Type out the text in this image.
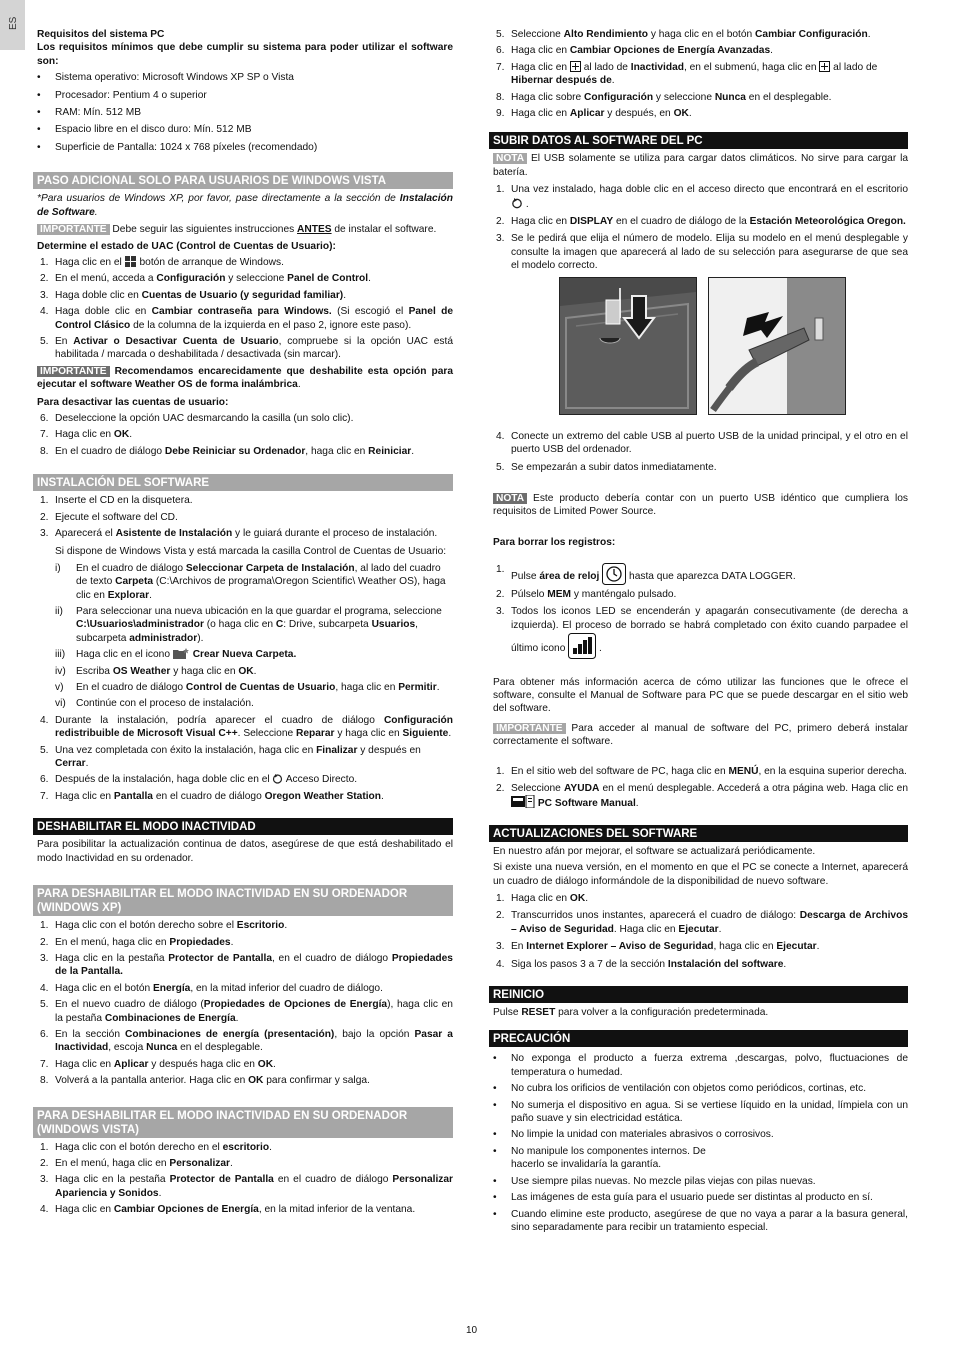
ES

Requisitos del sistema PC

Los requisitos mínimos que debe cumplir su sistema para poder utilizar el software son:

• Sistema operativo: Microsoft Windows XP SP o Vista
• Procesador: Pentium 4 o superior
• RAM: Mín. 512 MB
• Espacio libre en el disco duro: Mín. 512 MB
• Superficie de Pantalla: 1024 x 768 píxeles (recomendado)
PASO ADICIONAL SOLO PARA USUARIOS DE WINDOWS VISTA

*Para usuarios de Windows XP, por favor, pase directamente a la sección de Instalación de Software.

IMPORTANTE Debe seguir las siguientes instrucciones ANTES de instalar el software.

Determine el estado de UAC (Control de Cuentas de Usuario):

1. Haga clic en el  botón de arranque de Windows.
2. En el menú, acceda a Configuración y seleccione Panel de Control.
3. Haga doble clic en Cuentas de Usuario (y seguridad familiar).
4. Haga doble clic en Cambiar contraseña para Windows. (Si escogió el Panel de Control Clásico de la columna de la izquierda en el paso 2, ignore este paso).
5. En Activar o Desactivar Cuenta de Usuario, compruebe si la opción UAC está habilitada / marcada o deshabilitada / desactivada (sin marcar).

IMPORTANTE Recomendamos encarecidamente que deshabilite esta opción para ejecutar el software Weather OS de forma inalámbrica.

Para desactivar las cuentas de usuario:

6. Deseleccione la opción UAC desmarcando la casilla (un solo clic).
7. Haga clic en OK.
8. En el cuadro de diálogo Debe Reiniciar su Ordenador, haga clic en Reiniciar.
INSTALACIÓN DEL SOFTWARE
1. Inserte el CD en la disquetera.
2. Ejecute el software del CD.
3. Aparecerá el Asistente de Instalación y le guiará durante el proceso de instalación.

Si dispone de Windows Vista y está marcada la casilla Control de Cuentas de Usuario:

i) En el cuadro de diálogo Seleccionar Carpeta de Instalación, al lado del cuadro de texto Carpeta (C:\Archivos de programa\Oregon Scientific\ Weather OS), haga clic en Explorar.
ii) Para seleccionar una nueva ubicación en la que guardar el programa, seleccione C:\Usuarios\administrador (o haga clic en C: Drive, subcarpeta Usuarios, subcarpeta administrador).
iii) Haga clic en el icono  Crear Nueva Carpeta.
iv) Escriba OS Weather y haga clic en OK.
v) En el cuadro de diálogo Control de Cuentas de Usuario, haga clic en Permitir.
vi) Continúe con el proceso de instalación.
4. Durante la instalación, podría aparecer el cuadro de diálogo Configuración redistribuible de Microsoft Visual C++. Seleccione Reparar y haga clic en Siguiente.
5. Una vez completada con éxito la instalación, haga clic en Finalizar y después en Cerrar.
6. Después de la instalación, haga doble clic en el  Acceso Directo.
7. Haga clic en Pantalla en el cuadro de diálogo Oregon Weather Station.
DESHABILITAR EL MODO INACTIVIDAD

Para posibilitar la actualización continua de datos, asegúrese de que está deshabilitado el modo Inactividad en su ordenador.

PARA DESHABILITAR EL MODO INACTIVIDAD EN SU ORDENADOR (WINDOWS XP)
1. Haga clic con el botón derecho sobre el Escritorio.
2. En el menú, haga clic en Propiedades.
3. Haga clic en la pestaña Protector de Pantalla, en el cuadro de diálogo Propiedades de la Pantalla.
4. Haga clic en el botón Energía, en la mitad inferior del cuadro de diálogo.
5. En el nuevo cuadro de diálogo (Propiedades de Opciones de Energía), haga clic en la pestaña Combinaciones de Energía.
6. En la sección Combinaciones de energía (presentación), bajo la opción Pasar a Inactividad, escoja Nunca en el desplegable.
7. Haga clic en Aplicar y después haga clic en OK.
8. Volverá a la pantalla anterior. Haga clic en OK para confirmar y salga.
PARA DESHABILITAR EL MODO INACTIVIDAD EN SU ORDENADOR (WINDOWS VISTA)
1. Haga clic con el botón derecho en el escritorio.
2. En el menú, haga clic en Personalizar.
3. Haga clic en la pestaña Protector de Pantalla en el cuadro de diálogo Personalizar Apariencia y Sonidos.
4. Haga clic en Cambiar Opciones de Energía, en la mitad inferior de la ventana.
5. Seleccione Alto Rendimiento y haga clic en el botón Cambiar Configuración.
6. Haga clic en Cambiar Opciones de Energía Avanzadas.
7. Haga clic en  al lado de Inactividad, en el submenú, haga clic en  al lado de Hibernar después de.
8. Haga clic sobre Configuración y seleccione Nunca en el desplegable.
9. Haga clic en Aplicar y después, en OK.
SUBIR DATOS AL SOFTWARE DEL PC

NOTA El USB solamente se utiliza para cargar datos climáticos. No sirve para cargar la batería.

1. Una vez instalado, haga doble clic en el acceso directo que encontrará en el escritorio  .
2. Haga clic en DISPLAY en el cuadro de diálogo de la Estación Meteorológica Oregon.
3. Se le pedirá que elija el número de modelo. Elija su modelo en el menú desplegable y consulte la imagen que aparecerá al lado de su selección para asegurarse de que sea el modelo correcto.
4. Conecte un extremo del cable USB al puerto USB de la unidad principal, y el otro en el puerto USB del ordenador.
5. Se empezarán a subir datos inmediatamente.

NOTA Este producto debería contar con un puerto USB idéntico que cumpliera los requisitos de Limited Power Source.

Para borrar los registros:

1.
Pulse área de reloj	hasta que aparezca DATA LOGGER.
2. Púlselo MEM y manténgalo pulsado.
3. Todos los iconos LED se encenderán y apagarán consecutivamente (de derecha a izquierda). El proceso de borrado se habrá completado con éxito cuando parpadee el último icono	.

Para obtener más información acerca de cómo utilizar las funciones que le ofrece el software, consulte el Manual de Software para PC que se puede descargar en el sitio web del software.

IMPORTANTE Para acceder al manual de software del PC, primero deberá instalar correctamente el software.

1. En el sitio web del software de PC, haga clic en MENÚ, en la esquina superior derecha.
2. Seleccione AYUDA en el menú desplegable. Accederá a otra página web. Haga clic en  PC Software Manual.
ACTUALIZACIONES DEL SOFTWARE

En nuestro afán por mejorar, el software se actualizará periódicamente.

Si existe una nueva versión, en el momento en que el PC se conecte a Internet, aparecerá un cuadro de diálogo informándole de la disponibilidad de nuevo software.

1. Haga clic en OK.
2. Transcurridos unos instantes, aparecerá el cuadro de diálogo: Descarga de Archivos – Aviso de Seguridad. Haga clic en Ejecutar.
3. En Internet Explorer – Aviso de Seguridad, haga clic en Ejecutar.
4. Siga los pasos 3 a 7 de la sección Instalación del software.
REINICIO

Pulse RESET para volver a la configuración predeterminada.

PRECAUCIÓN
• No exponga el producto a fuerza extrema ,descargas, polvo, fluctuaciones de temperatura o humedad.
• No cubra los orificios de ventilación con objetos como periódicos, cortinas, etc.
• No sumerja el dispositivo en agua. Si se vertiese líquido en la unidad, límpiela con un paño suave y sin electricidad estática.
• No limpie la unidad con materiales abrasivos o corrosivos.
• No manipule los componentes internos. De hacerlo se invalidaría la garantía.
• Use siempre pilas nuevas. No mezcle pilas viejas con pilas nuevas.
• Las imágenes de esta guía para el usuario puede ser distintas al producto en sí.
• Cuando elimine este producto, asegúrese de que no vaya a parar a la basura general, sino separadamente para recibir un tratamiento especial.
10
